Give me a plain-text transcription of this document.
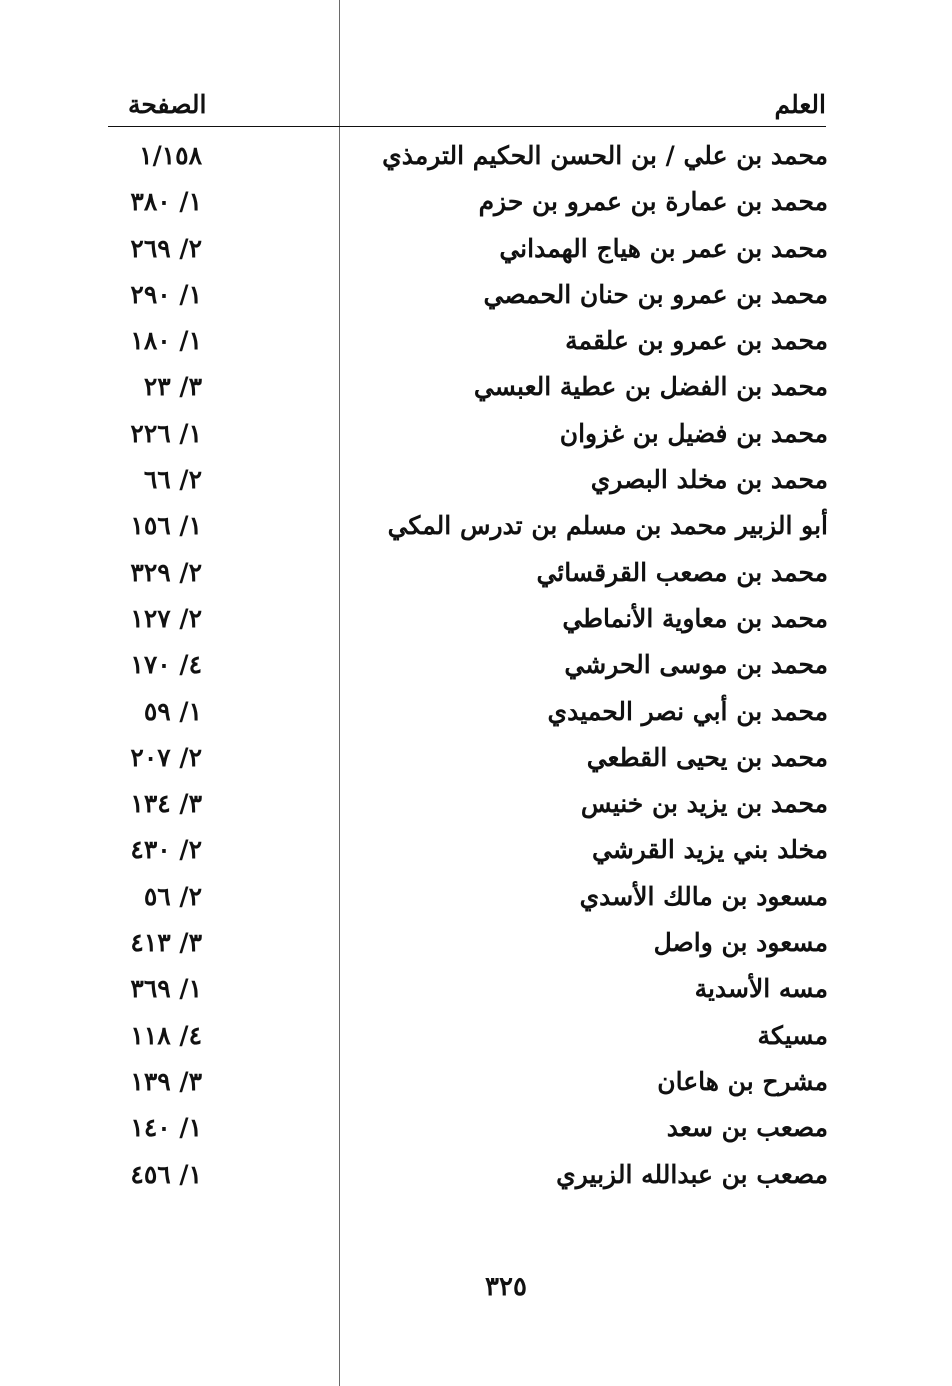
العلم
الصفحة
محمد بن علي / بن الحسن الحكيم الترمذي
١/١٥٨
محمد بن عمارة بن عمرو بن حزم
١/ ٣٨٠
محمد بن عمر بن هياج الهمداني
٢/ ٢٦٩
محمد بن عمرو بن حنان الحمصي
١/ ٢٩٠
محمد بن عمرو بن علقمة
١/ ١٨٠
محمد بن الفضل بن عطية العبسي
٣/ ٢٣
محمد بن فضيل بن غزوان
١/ ٢٢٦
محمد بن مخلد البصري
٢/ ٦٦
أبو الزبير محمد بن مسلم بن تدرس المكي
١/ ١٥٦
محمد بن مصعب القرقسائي
٢/ ٣٢٩
محمد بن معاوية الأنماطي
٢/ ١٢٧
محمد بن موسى الحرشي
٤/ ١٧٠
محمد بن أبي نصر الحميدي
١/ ٥٩
محمد بن يحيى القطعي
٢/ ٢٠٧
محمد بن يزيد بن خنيس
٣/ ١٣٤
مخلد بني يزيد القرشي
٢/ ٤٣٠
مسعود بن مالك الأسدي
٢/ ٥٦
مسعود بن واصل
٣/ ٤١٣
مسه الأسدية
١/ ٣٦٩
مسيكة
٤/ ١١٨
مشرح بن هاعان
٣/ ١٣٩
مصعب بن سعد
١/ ١٤٠
مصعب بن عبدالله الزبيري
١/ ٤٥٦
٣٢٥
